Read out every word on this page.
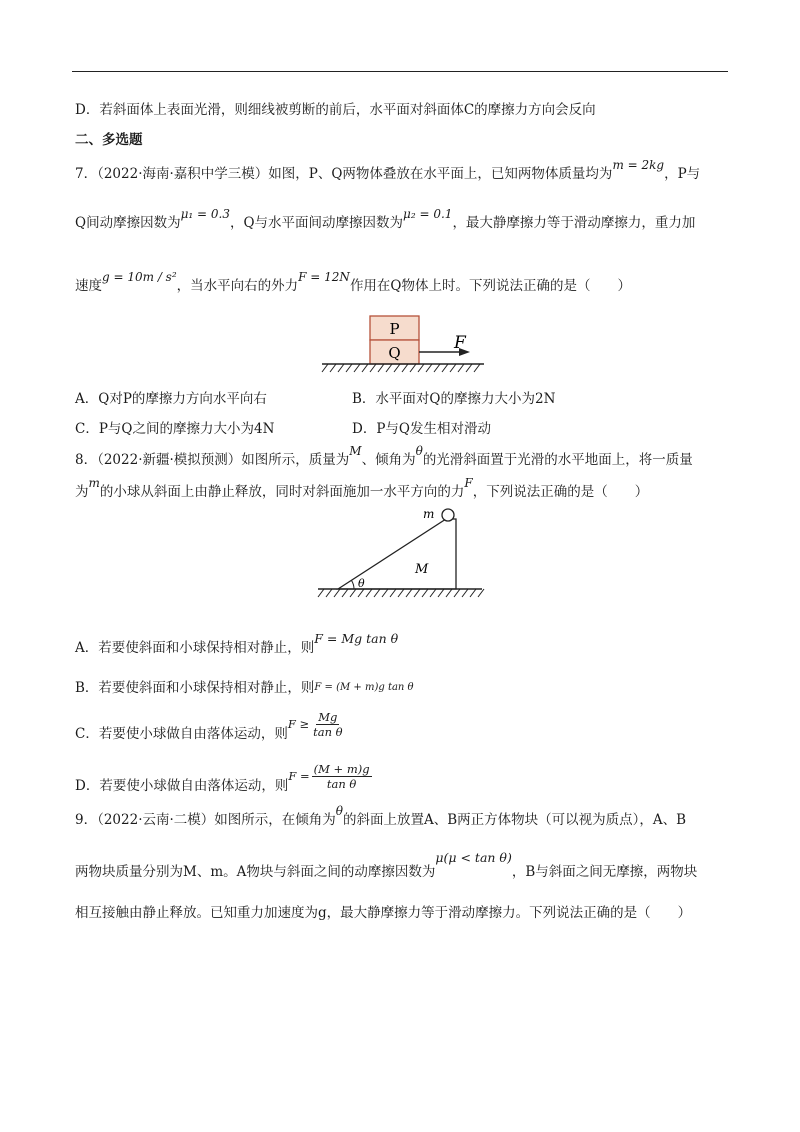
D．若斜面体上表面光滑，则细线被剪断的前后，水平面对斜面体C的摩擦力方向会反向
二、多选题
7．（2022·海南·嘉积中学三模）如图，P、Q两物体叠放在水平面上，已知两物体质量均为m = 2kg，P与
Q间动摩擦因数为μ₁ = 0.3，Q与水平面间动摩擦因数为μ₂ = 0.1，最大静摩擦力等于滑动摩擦力，重力加
速度g = 10m / s²，当水平向右的外力F = 12N作用在Q物体上时。下列说法正确的是（　　）
P
Q	F
A．Q对P的摩擦力方向水平向右	B．水平面对Q的摩擦力大小为2N
C．P与Q之间的摩擦力大小为4N	D．P与Q发生相对滑动
8．（2022·新疆·模拟预测）如图所示，质量为M、倾角为θ的光滑斜面置于光滑的水平地面上，将一质量
为m的小球从斜面上由静止释放，同时对斜面施加一水平方向的力F，下列说法正确的是（　　）
m
M
θ
A．若要使斜面和小球保持相对静止，则F = Mg tan θ
B．若要使斜面和小球保持相对静止，则F = (M + m)g tan θ
C．若要使小球做自由落体运动，则$F \ge \frac{Mg}{\text{tan θ}}$
D．若要使小球做自由落体运动，则$F = \frac{(M + m)g}{\text{tan θ}}$
9．（2022·云南·二模）如图所示，在倾角为θ的斜面上放置A、B两正方体物块（可以视为质点），A、B
两物块质量分别为M、m。A物块与斜面之间的动摩擦因数为μ(μ < tan θ)，B与斜面之间无摩擦，两物块
相互接触由静止释放。已知重力加速度为g，最大静摩擦力等于滑动摩擦力。下列说法正确的是（　　）
